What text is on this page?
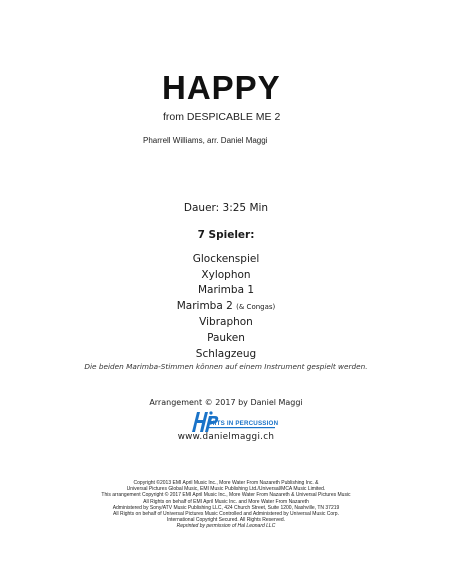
HAPPY
from DESPICABLE ME 2
Pharrell Williams, arr. Daniel Maggi
Dauer: 3:25 Min
7 Spieler:
Glockenspiel
Xylophon
Marimba 1
Marimba 2 (& Congas)
Vibraphon
Pauken
Schlagzeug
Die beiden Marimba-Stimmen können auf einem Instrument gespielt werden.
Arrangement © 2017 by Daniel Maggi
HITS IN PERCUSSION
www.danielmaggi.ch
Copyright ©2013 EMI April Music Inc., More Water From Nazareth Publishing Inc. &
Universal Pictures Global Music, EMI Music Publishing Ltd./Universal/MCA Music Limited.
This arrangement Copyright © 2017 EMI April Music Inc., More Water From Nazareth & Universal Pictures Music
All Rights on behalf of EMI April Music Inc. and More Water From Nazareth
Administered by Sony/ATV Music Publishing LLC, 424 Church Street, Suite 1200, Nashville, TN 37219
All Rights on behalf of Universal Pictures Music Controlled and Administered by Universal Music Corp.
International Copyright Secured. All Rights Reserved.
Reprinted by permission of Hal Leonard LLC
